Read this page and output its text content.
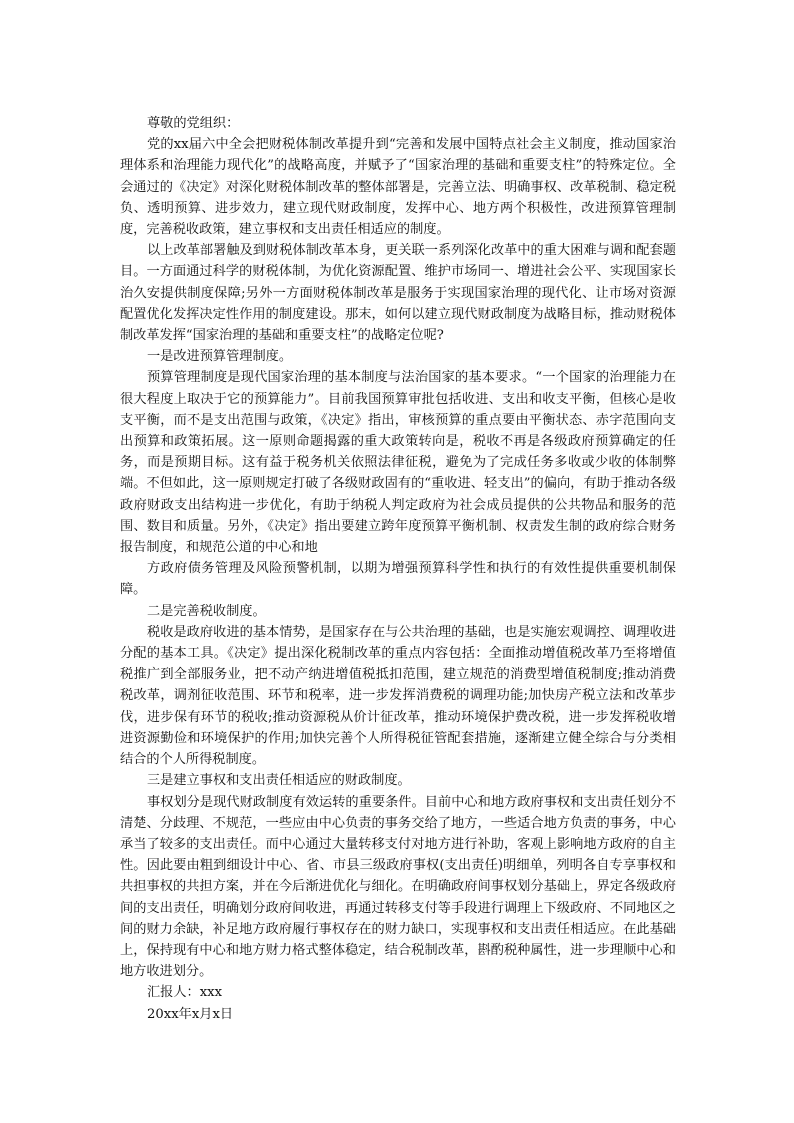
尊敬的党组织：

党的xx届六中全会把财税体制改革提升到“完善和发展中国特点社会主义制度，推动国家治理体系和治理能力现代化”的战略高度，并赋予了“国家治理的基础和重要支柱”的特殊定位。全会通过的《决定》对深化财税体制改革的整体部署是，完善立法、明确事权、改革税制、稳定税负、透明预算、进步效力，建立现代财政制度，发挥中心、地方两个积极性，改进预算管理制度，完善税收政策，建立事权和支出责任相适应的制度。

以上改革部署触及到财税体制改革本身，更关联一系列深化改革中的重大困难与调和配套题目。一方面通过科学的财税体制，为优化资源配置、维护市场同一、增进社会公平、实现国家长治久安提供制度保障;另外一方面财税体制改革是服务于实现国家治理的现代化、让市场对资源配置优化发挥决定性作用的制度建设。那末，如何以建立现代财政制度为战略目标，推动财税体制改革发挥“国家治理的基础和重要支柱”的战略定位呢?

一是改进预算管理制度。

预算管理制度是现代国家治理的基本制度与法治国家的基本要求。“一个国家的治理能力在很大程度上取决于它的预算能力”。目前我国预算审批包括收进、支出和收支平衡，但核心是收支平衡，而不是支出范围与政策，《决定》指出，审核预算的重点要由平衡状态、赤字范围向支出预算和政策拓展。这一原则命题揭露的重大政策转向是，税收不再是各级政府预算确定的任务，而是预期目标。这有益于税务机关依照法律征税，避免为了完成任务多收或少收的体制弊端。不但如此，这一原则规定打破了各级财政固有的“重收进、轻支出”的偏向，有助于推动各级政府财政支出结构进一步优化，有助于纳税人判定政府为社会成员提供的公共物品和服务的范围、数目和质量。另外，《决定》指出要建立跨年度预算平衡机制、权责发生制的政府综合财务报告制度，和规范公道的中心和地

方政府债务管理及风险预警机制，以期为增强预算科学性和执行的有效性提供重要机制保障。

二是完善税收制度。

税收是政府收进的基本情势，是国家存在与公共治理的基础，也是实施宏观调控、调理收进分配的基本工具。《决定》提出深化税制改革的重点内容包括：全面推动增值税改革乃至将增值税推广到全部服务业，把不动产纳进增值税抵扣范围，建立规范的消费型增值税制度;推动消费税改革，调剂征收范围、环节和税率，进一步发挥消费税的调理功能;加快房产税立法和改革步伐，进步保有环节的税收;推动资源税从价计征改革，推动环境保护费改税，进一步发挥税收增进资源勤俭和环境保护的作用;加快完善个人所得税征管配套措施，逐渐建立健全综合与分类相结合的个人所得税制度。

三是建立事权和支出责任相适应的财政制度。

事权划分是现代财政制度有效运转的重要条件。目前中心和地方政府事权和支出责任划分不清楚、分歧理、不规范，一些应由中心负责的事务交给了地方，一些适合地方负责的事务，中心承当了较多的支出责任。而中心通过大量转移支付对地方进行补助，客观上影响地方政府的自主性。因此要由粗到细设计中心、省、市县三级政府事权(支出责任)明细单，列明各自专享事权和共担事权的共担方案，并在今后渐进优化与细化。在明确政府间事权划分基础上，界定各级政府间的支出责任，明确划分政府间收进，再通过转移支付等手段进行调理上下级政府、不同地区之间的财力余缺，补足地方政府履行事权存在的财力缺口，实现事权和支出责任相适应。在此基础上，保持现有中心和地方财力格式整体稳定，结合税制改革，斟酌税种属性，进一步理顺中心和地方收进划分。

汇报人：xxx

20xx年x月x日
